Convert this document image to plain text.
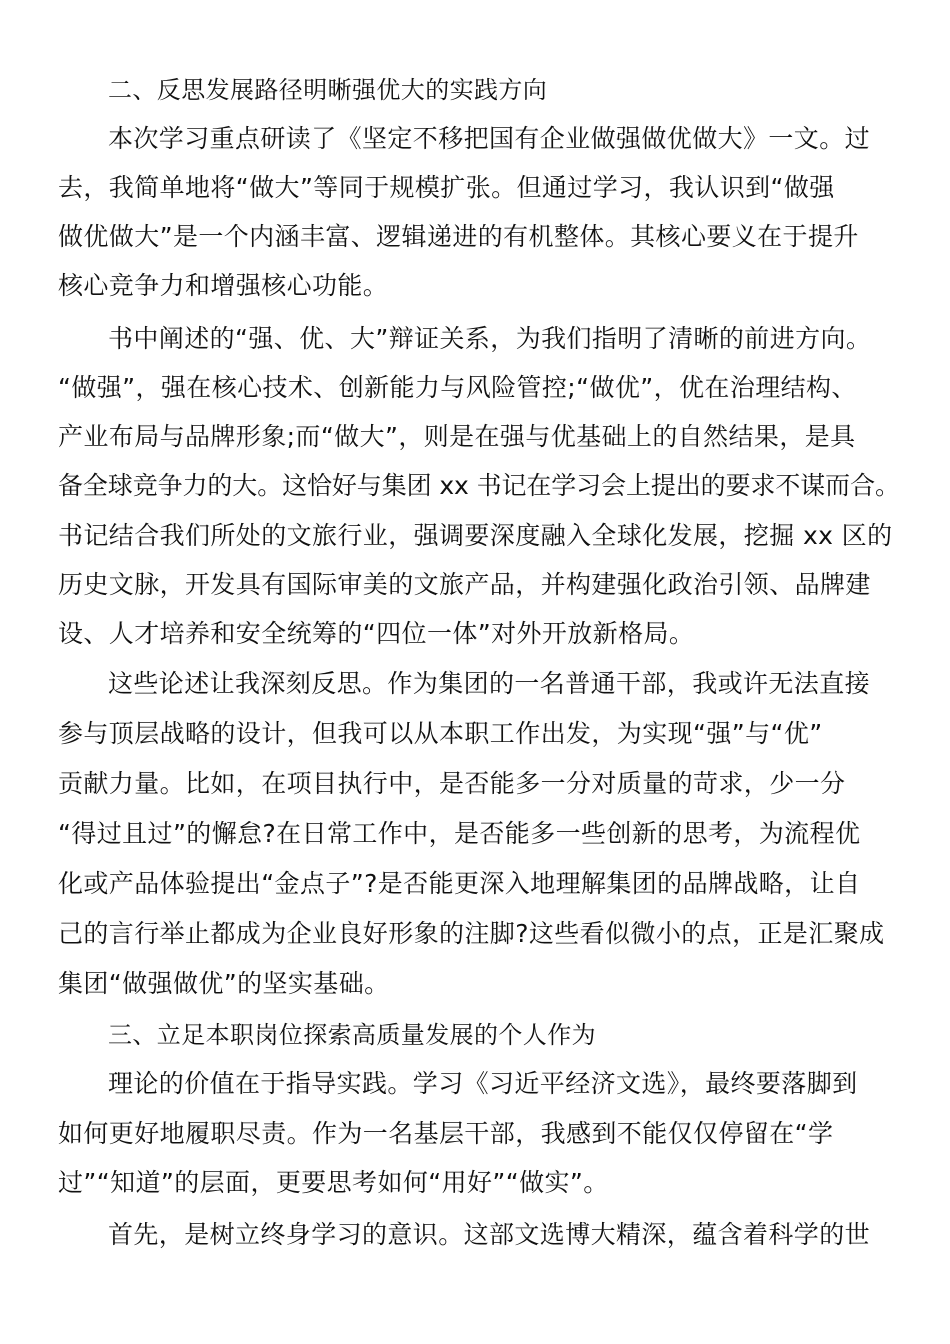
二、反思发展路径明晰强优大的实践方向
本次学习重点研读了《坚定不移把国有企业做强做优做大》一文。过
去，我简单地将“做大”等同于规模扩张。但通过学习，我认识到“做强
做优做大”是一个内涵丰富、逻辑递进的有机整体。其核心要义在于提升
核心竞争力和增强核心功能。
书中阐述的“强、优、大”辩证关系，为我们指明了清晰的前进方向。
“做强”，强在核心技术、创新能力与风险管控;“做优”，优在治理结构、
产业布局与品牌形象;而“做大”，则是在强与优基础上的自然结果，是具
备全球竞争力的大。这恰好与集团 xx 书记在学习会上提出的要求不谋而合。
书记结合我们所处的文旅行业，强调要深度融入全球化发展，挖掘 xx 区的
历史文脉，开发具有国际审美的文旅产品，并构建强化政治引领、品牌建
设、人才培养和安全统筹的“四位一体”对外开放新格局。
这些论述让我深刻反思。作为集团的一名普通干部，我或许无法直接
参与顶层战略的设计，但我可以从本职工作出发，为实现“强”与“优”
贡献力量。比如，在项目执行中，是否能多一分对质量的苛求，少一分
“得过且过”的懈怠?在日常工作中，是否能多一些创新的思考，为流程优
化或产品体验提出“金点子”?是否能更深入地理解集团的品牌战略，让自
己的言行举止都成为企业良好形象的注脚?这些看似微小的点，正是汇聚成
集团“做强做优”的坚实基础。
三、立足本职岗位探索高质量发展的个人作为
理论的价值在于指导实践。学习《习近平经济文选》，最终要落脚到
如何更好地履职尽责。作为一名基层干部，我感到不能仅仅停留在“学
过”“知道”的层面，更要思考如何“用好”“做实”。
首先，是树立终身学习的意识。这部文选博大精深，蕴含着科学的世
